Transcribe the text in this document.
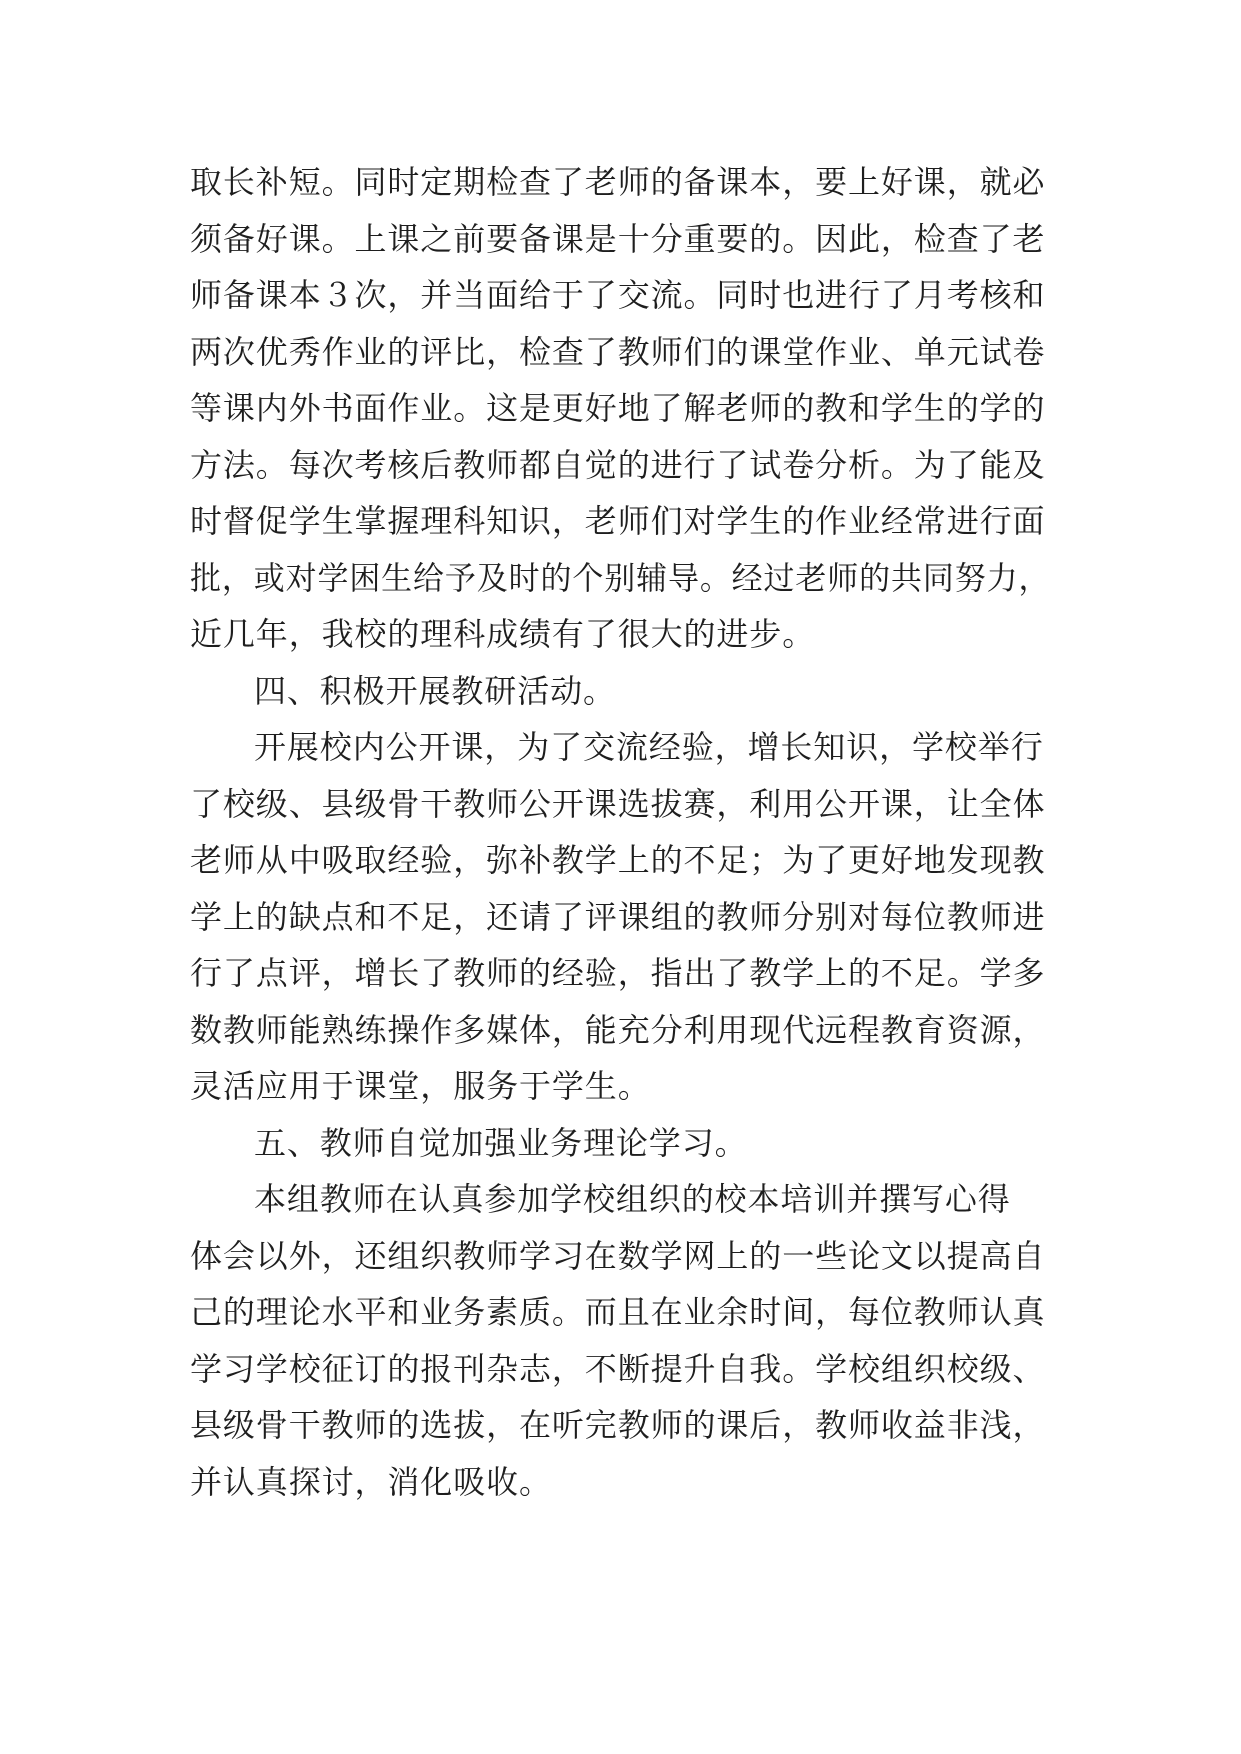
取长补短。同时定期检查了老师的备课本，要上好课，就必
须备好课。上课之前要备课是十分重要的。因此，检查了老
师备课本３次，并当面给于了交流。同时也进行了月考核和
两次优秀作业的评比，检查了教师们的课堂作业、单元试卷
等课内外书面作业。这是更好地了解老师的教和学生的学的
方法。每次考核后教师都自觉的进行了试卷分析。为了能及
时督促学生掌握理科知识，老师们对学生的作业经常进行面
批，或对学困生给予及时的个别辅导。经过老师的共同努力，
近几年，我校的理科成绩有了很大的进步。
四、积极开展教研活动。
开展校内公开课，为了交流经验，增长知识，学校举行
了校级、县级骨干教师公开课选拔赛，利用公开课，让全体
老师从中吸取经验，弥补教学上的不足；为了更好地发现教
学上的缺点和不足，还请了评课组的教师分别对每位教师进
行了点评，增长了教师的经验，指出了教学上的不足。学多
数教师能熟练操作多媒体，能充分利用现代远程教育资源，
灵活应用于课堂，服务于学生。
五、教师自觉加强业务理论学习。
本组教师在认真参加学校组织的校本培训并撰写心得
体会以外，还组织教师学习在数学网上的一些论文以提高自
己的理论水平和业务素质。而且在业余时间，每位教师认真
学习学校征订的报刊杂志，不断提升自我。学校组织校级、
县级骨干教师的选拔，在听完教师的课后，教师收益非浅，
并认真探讨，消化吸收。
